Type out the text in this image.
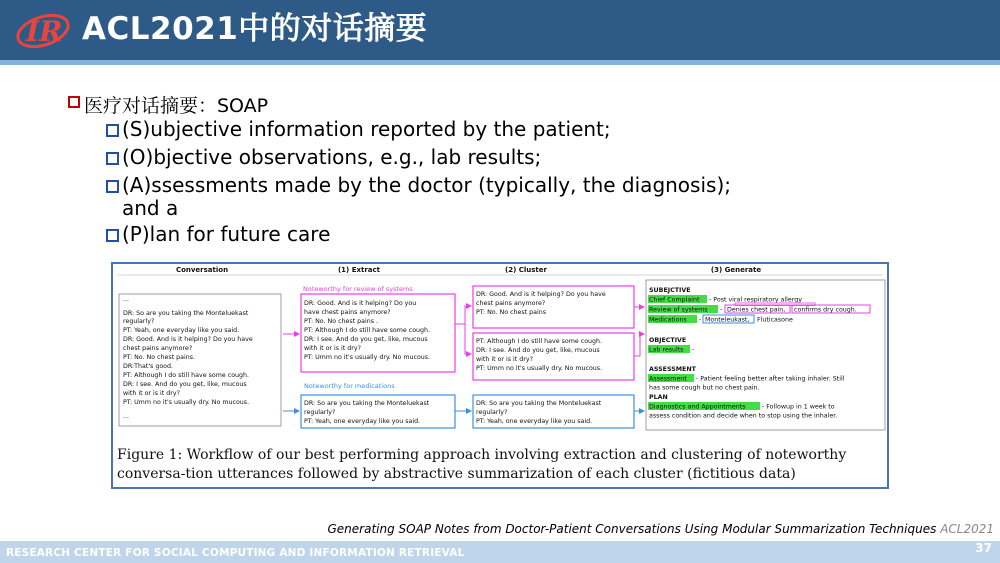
IR ACL2021中的对话摘要
医疗对话摘要：SOAP
(S)ubjective information reported by the patient;
(O)bjective observations, e.g., lab results;
(A)ssessments made by the doctor (typically, the diagnosis);
and a
(P)lan for future care
Conversation	(1) Extract	(2) Cluster	(3) Generate
...
DR: So are you taking the Monteluekast
regularly?
PT: Yeah, one everyday like you said.
DR: Good. And is it helping? Do you have
chest pains anymore?
PT: No. No chest pains.
DR:That's good.
PT: Although I do still have some cough.
DR: I see. And do you get, like, mucous
with it or is it dry?
PT: Umm no it's usually dry. No mucous.
...
Noteworthy for review of systems
DR: Good. And is it helping? Do you
have chest pains anymore?
PT: No. No chest pains .
PT: Although I do still have some cough.
DR: I see. And do you get, like, mucous
with it or is it dry?
PT: Umm no it's usually dry. No mucous.
Noteworthy for medications
DR: So are you taking the Monteluekast
regularly?
PT: Yeah, one everyday like you said.
DR: Good. And is it helping? Do you have
chest pains anymore?
PT: No. No chest pains
PT: Although I do still have some cough.
DR: I see. And do you get, like, mucous
with it or is it dry?
PT: Umm no it's usually dry. No mucous.
DR: So are you taking the Monteluekast
regularly?
PT: Yeah, one everyday like you said.
SUBEJCTIVE
Chief Complaint - Post viral respiratory allergy
Review of systems - Denies chest pain, confirms dry cough.
Medications - Monteleukast, Fluticasone
OBJECTIVE
Lab results -
ASSESSMENT
Assessment - Patient feeling better after taking inhaler. Still
has some cough but no chest pain.
PLAN
Diagnostics and Appointments	- Followup in 1 week to
assess condition and decide when to stop using the inhaler.
Figure 1: Workflow of our best performing approach involving extraction and clustering of noteworthy conversa-tion utterances followed by abstractive summarization of each cluster (fictitious data)
Generating SOAP Notes from Doctor-Patient Conversations Using Modular Summarization Techniques ACL2021
RESEARCH CENTER FOR SOCIAL COMPUTING AND INFORMATION RETRIEVAL	37
